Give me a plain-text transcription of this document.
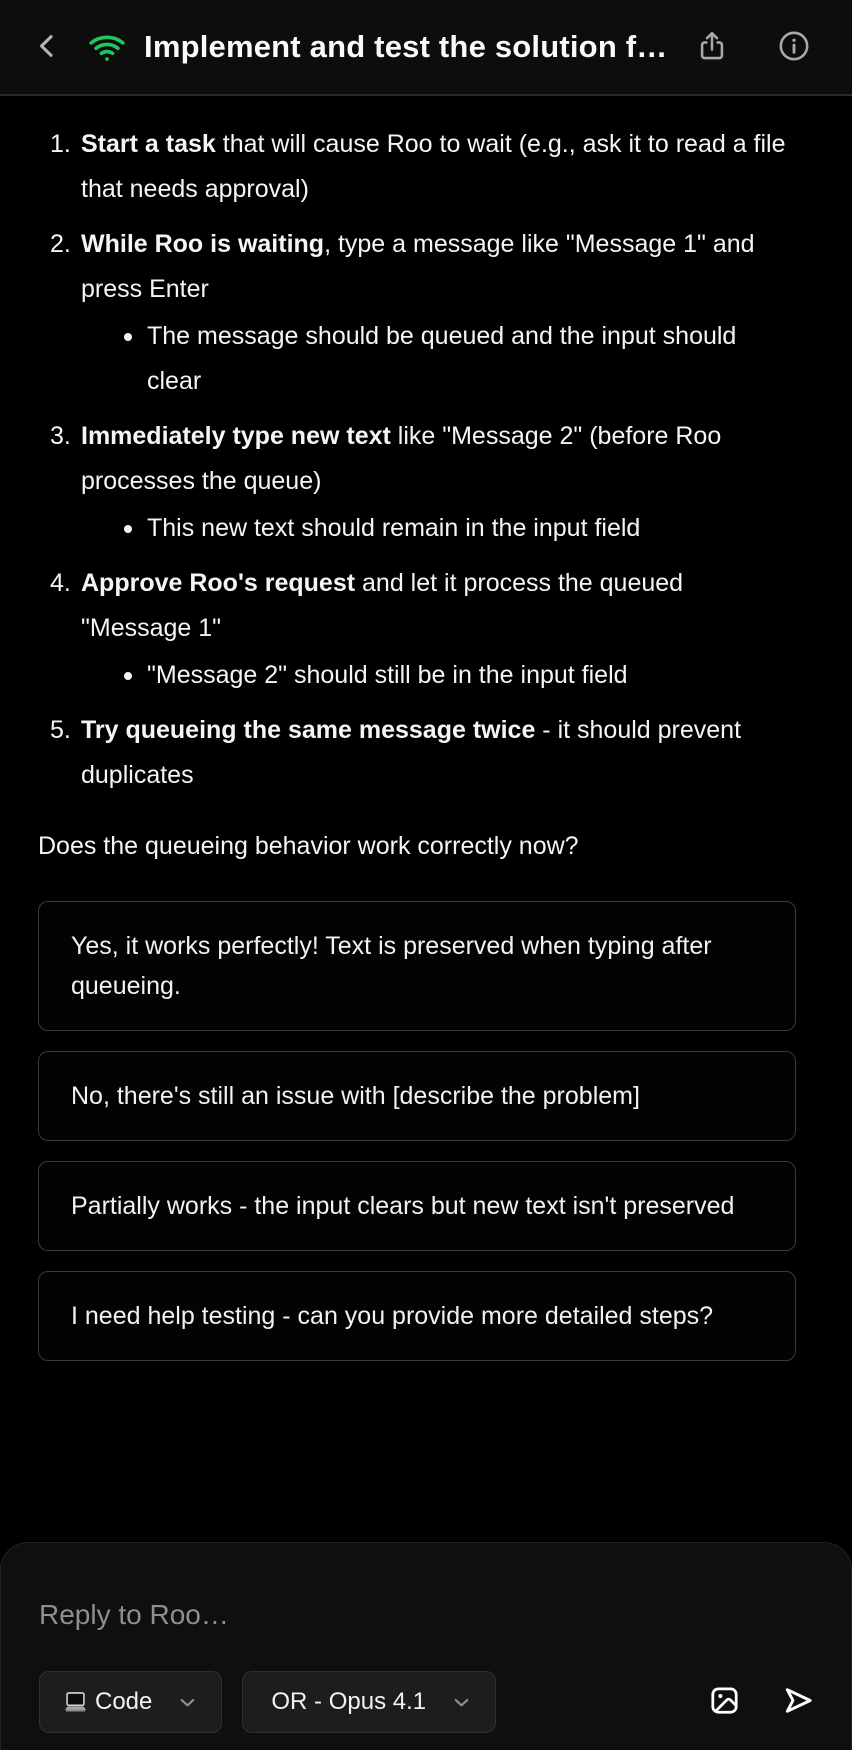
Implement and test the solution f…
1. Start a task that will cause Roo to wait (e.g., ask it to read a file that needs approval)
2. While Roo is waiting, type a message like "Message 1" and press Enter
The message should be queued and the input should clear
3. Immediately type new text like "Message 2" (before Roo processes the queue)
This new text should remain in the input field
4. Approve Roo's request and let it process the queued "Message 1"
"Message 2" should still be in the input field
5. Try queueing the same message twice - it should prevent duplicates

Does the queueing behavior work correctly now?

Yes, it works perfectly! Text is preserved when typing after queueing.
No, there's still an issue with [describe the problem]
Partially works - the input clears but new text isn't preserved
I need help testing - can you provide more detailed steps?
Reply to Roo…
Code	OR - Opus 4.1
